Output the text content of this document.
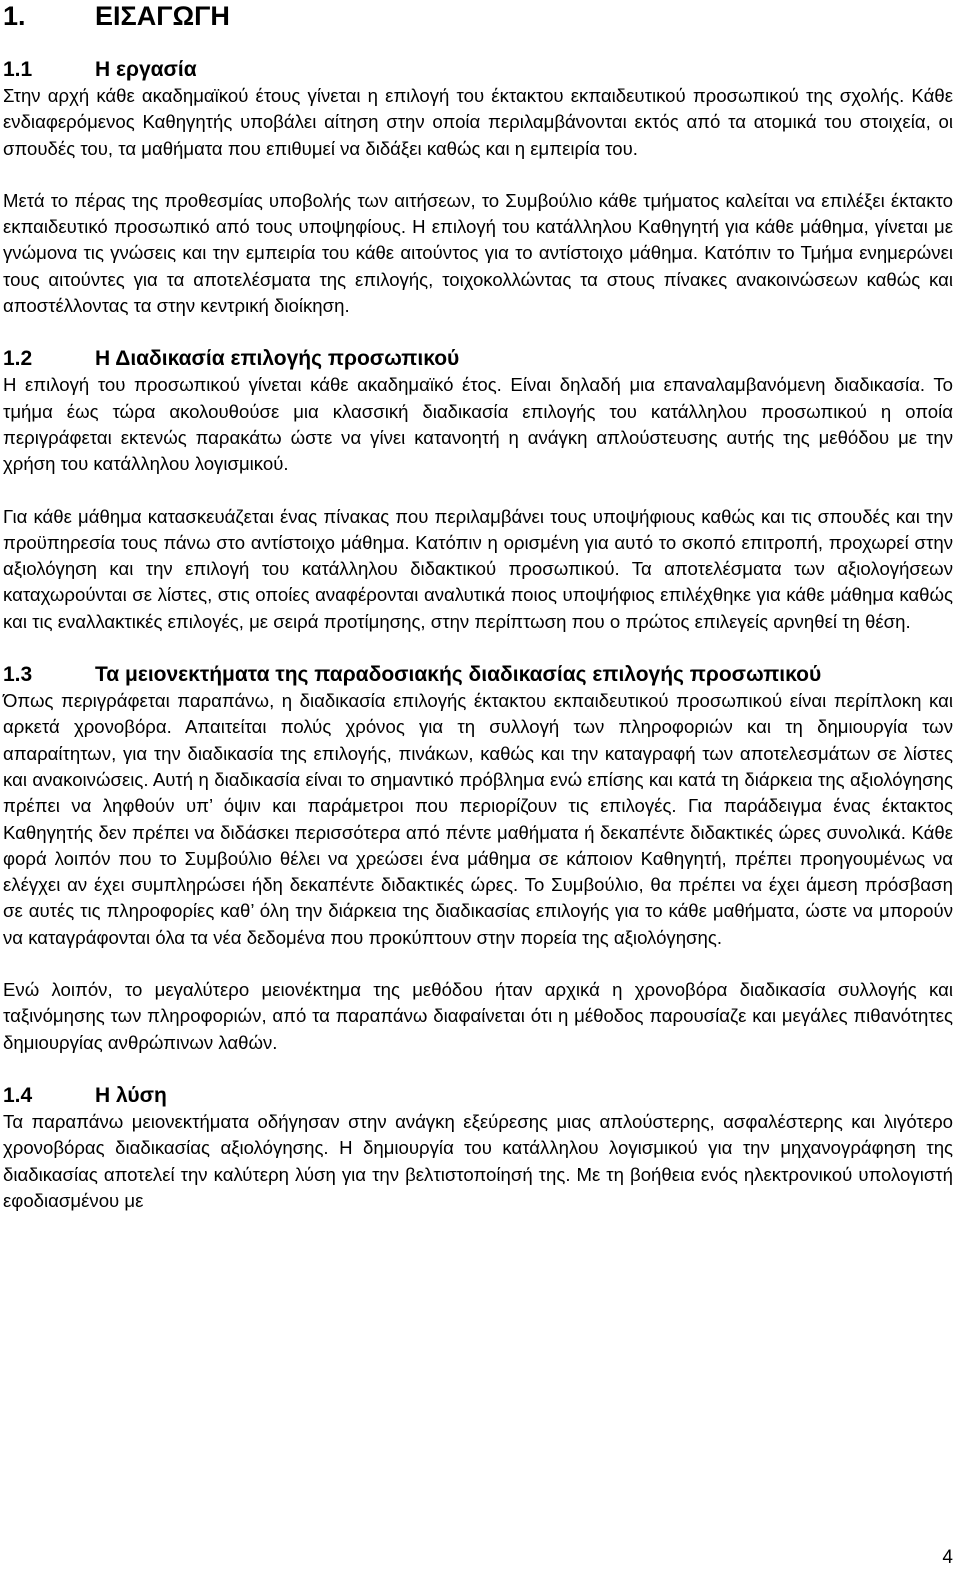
1.	ΕΙΣΑΓΩΓΗ
1.1	Η εργασία

Στην αρχή κάθε ακαδημαϊκού έτους γίνεται η επιλογή του έκτακτου εκπαιδευτικού προσωπικού της σχολής. Κάθε ενδιαφερόμενος Καθηγητής υποβάλει αίτηση στην οποία περιλαμβάνονται εκτός από τα ατομικά του στοιχεία, οι σπουδές του, τα μαθήματα που επιθυμεί να διδάξει καθώς και η εμπειρία του.

Μετά το πέρας της προθεσμίας υποβολής των αιτήσεων, το Συμβούλιο κάθε τμήματος καλείται να επιλέξει έκτακτο εκπαιδευτικό προσωπικό από τους υποψηφίους. Η επιλογή του κατάλληλου Καθηγητή για κάθε μάθημα, γίνεται με γνώμονα τις γνώσεις και την εμπειρία του κάθε αιτούντος για το αντίστοιχο μάθημα. Κατόπιν το Τμήμα ενημερώνει τους αιτούντες για τα αποτελέσματα της επιλογής, τοιχοκολλώντας τα στους πίνακες ανακοινώσεων καθώς και αποστέλλοντας τα στην κεντρική διοίκηση.

1.2	Η Διαδικασία επιλογής προσωπικού

Η επιλογή του προσωπικού γίνεται κάθε ακαδημαϊκό έτος. Είναι δηλαδή μια επαναλαμβανόμενη διαδικασία. Το τμήμα έως τώρα ακολουθούσε μια κλασσική διαδικασία επιλογής του κατάλληλου προσωπικού η οποία περιγράφεται εκτενώς παρακάτω ώστε να γίνει κατανοητή η ανάγκη απλούστευσης αυτής της μεθόδου με την χρήση του κατάλληλου λογισμικού.

Για κάθε μάθημα κατασκευάζεται ένας πίνακας που περιλαμβάνει τους υποψήφιους καθώς και τις σπουδές και την προϋπηρεσία τους πάνω στο αντίστοιχο μάθημα. Κατόπιν η ορισμένη για αυτό το σκοπό επιτροπή, προχωρεί στην αξιολόγηση και την επιλογή του κατάλληλου διδακτικού προσωπικού. Τα αποτελέσματα των αξιολογήσεων καταχωρούνται σε λίστες, στις οποίες αναφέρονται αναλυτικά ποιος υποψήφιος επιλέχθηκε για κάθε μάθημα καθώς και τις εναλλακτικές επιλογές, με σειρά προτίμησης, στην περίπτωση που ο πρώτος επιλεγείς αρνηθεί τη θέση.

1.3	Τα μειονεκτήματα της παραδοσιακής διαδικασίας επιλογής προσωπικού

Όπως περιγράφεται παραπάνω, η διαδικασία επιλογής έκτακτου εκπαιδευτικού προσωπικού είναι περίπλοκη και αρκετά χρονοβόρα. Απαιτείται πολύς χρόνος για τη συλλογή των πληροφοριών και τη δημιουργία των απαραίτητων, για την διαδικασία της επιλογής, πινάκων, καθώς και την καταγραφή των αποτελεσμάτων σε λίστες και ανακοινώσεις. Αυτή η διαδικασία είναι το σημαντικό πρόβλημα ενώ επίσης και κατά τη διάρκεια της αξιολόγησης πρέπει να ληφθούν υπ’ όψιν και παράμετροι που περιορίζουν τις επιλογές. Για παράδειγμα ένας έκτακτος Καθηγητής δεν πρέπει να διδάσκει περισσότερα από πέντε μαθήματα ή δεκαπέντε διδακτικές ώρες συνολικά. Κάθε φορά λοιπόν που το Συμβούλιο θέλει να χρεώσει ένα μάθημα σε κάποιον Καθηγητή, πρέπει προηγουμένως να ελέγχει αν έχει συμπληρώσει ήδη δεκαπέντε διδακτικές ώρες. Το Συμβούλιο, θα πρέπει να έχει άμεση πρόσβαση σε αυτές τις πληροφορίες καθ’ όλη την διάρκεια της διαδικασίας επιλογής για το κάθε μαθήματα, ώστε να μπορούν να καταγράφονται όλα τα νέα δεδομένα που προκύπτουν στην πορεία της αξιολόγησης.

Ενώ λοιπόν, το μεγαλύτερο μειονέκτημα της μεθόδου ήταν αρχικά η χρονοβόρα διαδικασία συλλογής και ταξινόμησης των πληροφοριών, από τα παραπάνω διαφαίνεται ότι η μέθοδος παρουσίαζε και μεγάλες πιθανότητες δημιουργίας ανθρώπινων λαθών.

1.4	Η λύση

Τα παραπάνω μειονεκτήματα οδήγησαν στην ανάγκη εξεύρεσης μιας απλούστερης, ασφαλέστερης και λιγότερο χρονοβόρας διαδικασίας αξιολόγησης. Η δημιουργία του κατάλληλου λογισμικού για την μηχανογράφηση της διαδικασίας αποτελεί την καλύτερη λύση για την βελτιστοποίησή της. Με τη βοήθεια ενός ηλεκτρονικού υπολογιστή εφοδιασμένου με

4
